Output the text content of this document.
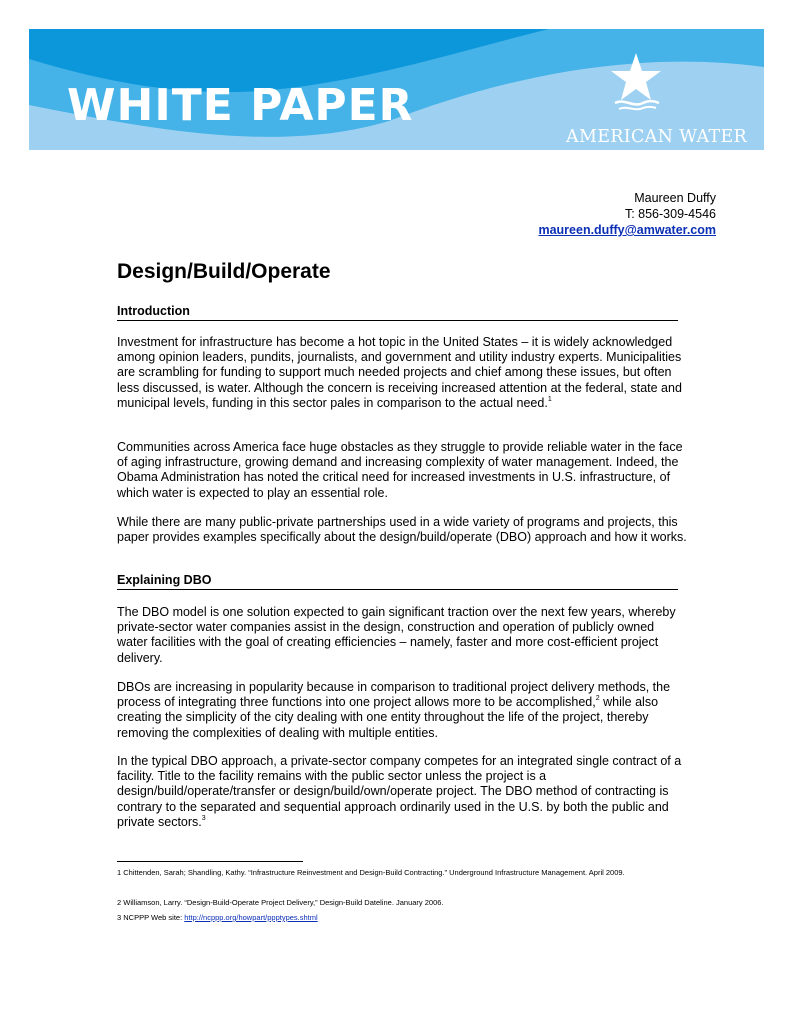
WHITE PAPER
AMERICAN WATER
Maureen Duffy
T: 856-309-4546
maureen.duffy@amwater.com
Design/Build/Operate
Introduction

Investment for infrastructure has become a hot topic in the United States – it is widely acknowledged among opinion leaders, pundits, journalists, and government and utility industry experts. Municipalities are scrambling for funding to support much needed projects and chief among these issues, but often less discussed, is water. Although the concern is receiving increased attention at the federal, state and municipal levels, funding in this sector pales in comparison to the actual need.$^1$

Communities across America face huge obstacles as they struggle to provide reliable water in the face of aging infrastructure, growing demand and increasing complexity of water management. Indeed, the Obama Administration has noted the critical need for increased investments in U.S. infrastructure, of which water is expected to play an essential role.

While there are many public-private partnerships used in a wide variety of programs and projects, this paper provides examples specifically about the design/build/operate (DBO) approach and how it works.

Explaining DBO

The DBO model is one solution expected to gain significant traction over the next few years, whereby private-sector water companies assist in the design, construction and operation of publicly owned water facilities with the goal of creating efficiencies – namely, faster and more cost-efficient project delivery.

DBOs are increasing in popularity because in comparison to traditional project delivery methods, the process of integrating three functions into one project allows more to be accomplished,$^2$ while also creating the simplicity of the city dealing with one entity throughout the life of the project, thereby removing the complexities of dealing with multiple entities.

In the typical DBO approach, a private-sector company competes for an integrated single contract of a facility. Title to the facility remains with the public sector unless the project is a design/build/operate/transfer or design/build/own/operate project. The DBO method of contracting is contrary to the separated and sequential approach ordinarily used in the U.S. by both the public and private sectors.$^3$

1 Chittenden, Sarah; Shandling, Kathy. “Infrastructure Reinvestment and Design-Build Contracting.” Underground Infrastructure Management. April 2009.

2 Williamson, Larry. “Design-Build-Operate Project Delivery,” Design-Build Dateline. January 2006.

3 NCPPP Web site: http://ncppp.org/howpart/ppptypes.shtml
